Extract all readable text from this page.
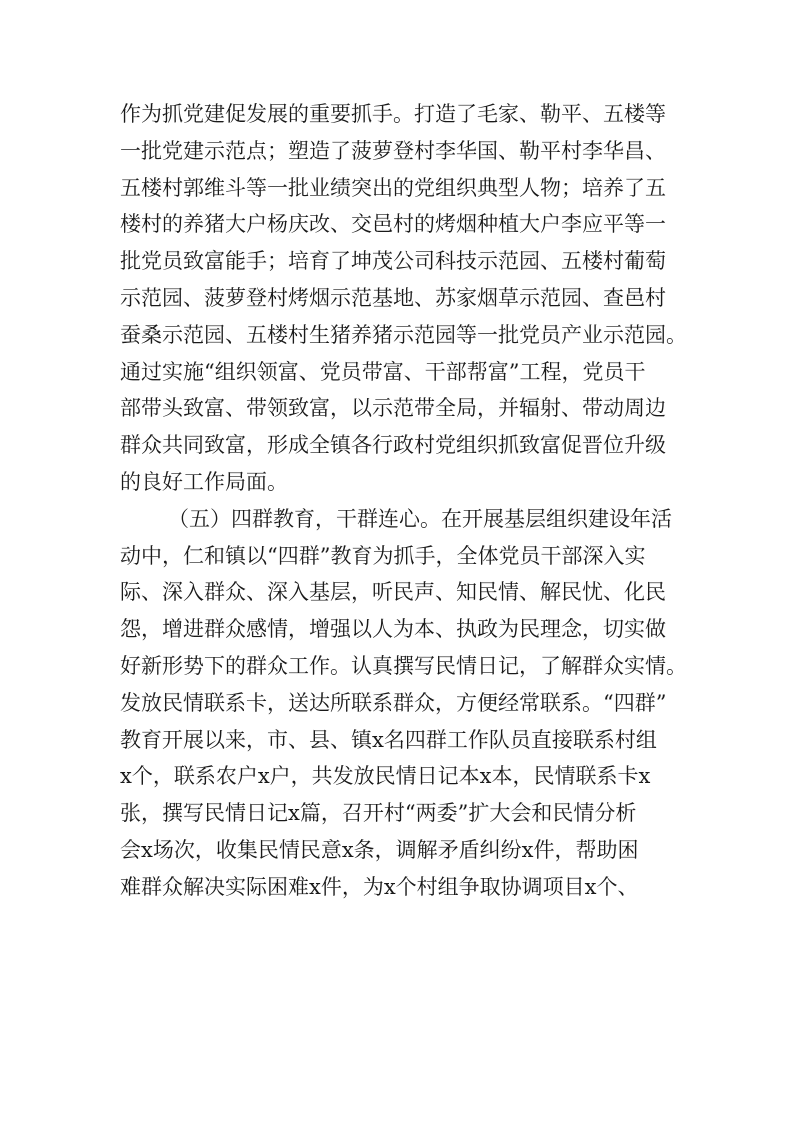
作为抓党建促发展的重要抓手。打造了毛家、勒平、五楼等
一批党建示范点；塑造了菠萝登村李华国、勒平村李华昌、
五楼村郭维斗等一批业绩突出的党组织典型人物；培养了五
楼村的养猪大户杨庆改、交邑村的烤烟种植大户李应平等一
批党员致富能手；培育了坤茂公司科技示范园、五楼村葡萄
示范园、菠萝登村烤烟示范基地、苏家烟草示范园、查邑村
蚕桑示范园、五楼村生猪养猪示范园等一批党员产业示范园。
通过实施“组织领富、党员带富、干部帮富”工程，党员干
部带头致富、带领致富，以示范带全局，并辐射、带动周边
群众共同致富，形成全镇各行政村党组织抓致富促晋位升级
的良好工作局面。
（五）四群教育，干群连心。在开展基层组织建设年活
动中，仁和镇以“四群”教育为抓手，全体党员干部深入实
际、深入群众、深入基层，听民声、知民情、解民忧、化民
怨，增进群众感情，增强以人为本、执政为民理念，切实做
好新形势下的群众工作。认真撰写民情日记，了解群众实情。
发放民情联系卡，送达所联系群众，方便经常联系。“四群”
教育开展以来，市、县、镇x名四群工作队员直接联系村组
x个，联系农户x户，共发放民情日记本x本，民情联系卡x
张，撰写民情日记x篇，召开村“两委”扩大会和民情分析
会x场次，收集民情民意x条，调解矛盾纠纷x件，帮助困
难群众解决实际困难x件，为x个村组争取协调项目x个、
